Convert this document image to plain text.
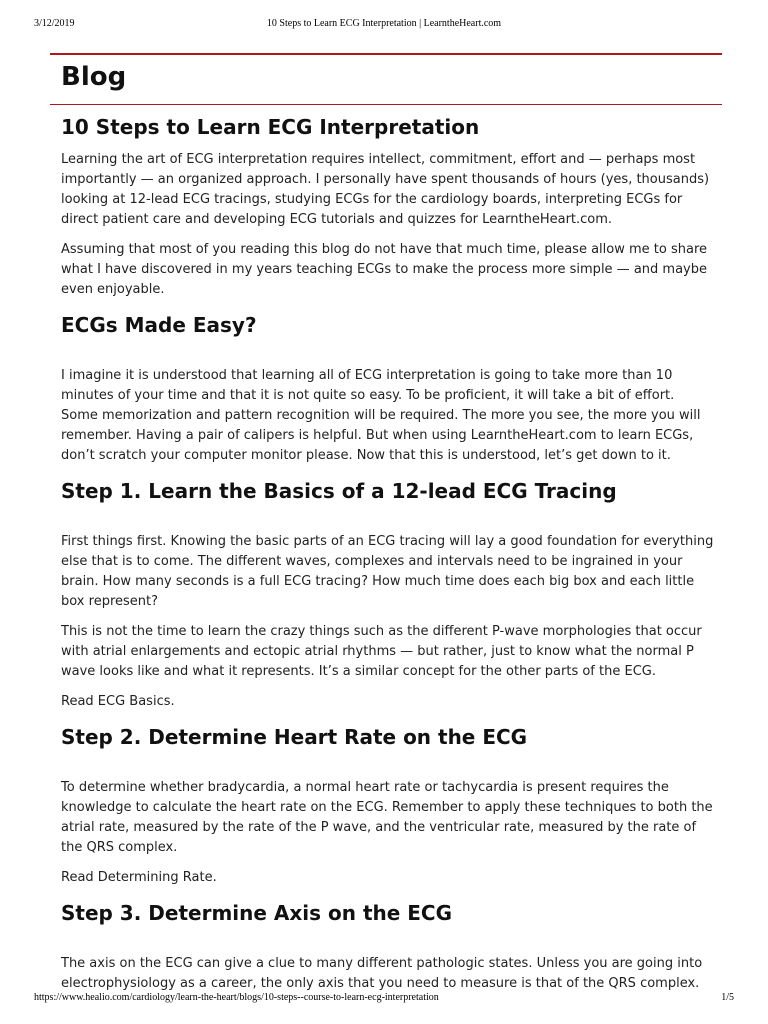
3/12/2019	10 Steps to Learn ECG Interpretation | LearntheHeart.com
Blog
10 Steps to Learn ECG Interpretation

Learning the art of ECG interpretation requires intellect, commitment, effort and — perhaps most importantly — an organized approach. I personally have spent thousands of hours (yes, thousands) looking at 12-lead ECG tracings, studying ECGs for the cardiology boards, interpreting ECGs for direct patient care and developing ECG tutorials and quizzes for LearntheHeart.com.

Assuming that most of you reading this blog do not have that much time, please allow me to share what I have discovered in my years teaching ECGs to make the process more simple — and maybe even enjoyable.

ECGs Made Easy?

I imagine it is understood that learning all of ECG interpretation is going to take more than 10 minutes of your time and that it is not quite so easy. To be proficient, it will take a bit of effort. Some memorization and pattern recognition will be required. The more you see, the more you will remember. Having a pair of calipers is helpful. But when using LearntheHeart.com to learn ECGs, don’t scratch your computer monitor please. Now that this is understood, let’s get down to it.

Step 1. Learn the Basics of a 12-lead ECG Tracing

First things first. Knowing the basic parts of an ECG tracing will lay a good foundation for everything else that is to come. The different waves, complexes and intervals need to be ingrained in your brain. How many seconds is a full ECG tracing? How much time does each big box and each little box represent?

This is not the time to learn the crazy things such as the different P-wave morphologies that occur with atrial enlargements and ectopic atrial rhythms — but rather, just to know what the normal P wave looks like and what it represents. It’s a similar concept for the other parts of the ECG.

Read ECG Basics.

Step 2. Determine Heart Rate on the ECG

To determine whether bradycardia, a normal heart rate or tachycardia is present requires the knowledge to calculate the heart rate on the ECG. Remember to apply these techniques to both the atrial rate, measured by the rate of the P wave, and the ventricular rate, measured by the rate of the QRS complex.

Read Determining Rate.

Step 3. Determine Axis on the ECG

The axis on the ECG can give a clue to many different pathologic states. Unless you are going into electrophysiology as a career, the only axis that you need to measure is that of the QRS complex.

https://www.healio.com/cardiology/learn-the-heart/blogs/10-steps--course-to-learn-ecg-interpretation	1/5
